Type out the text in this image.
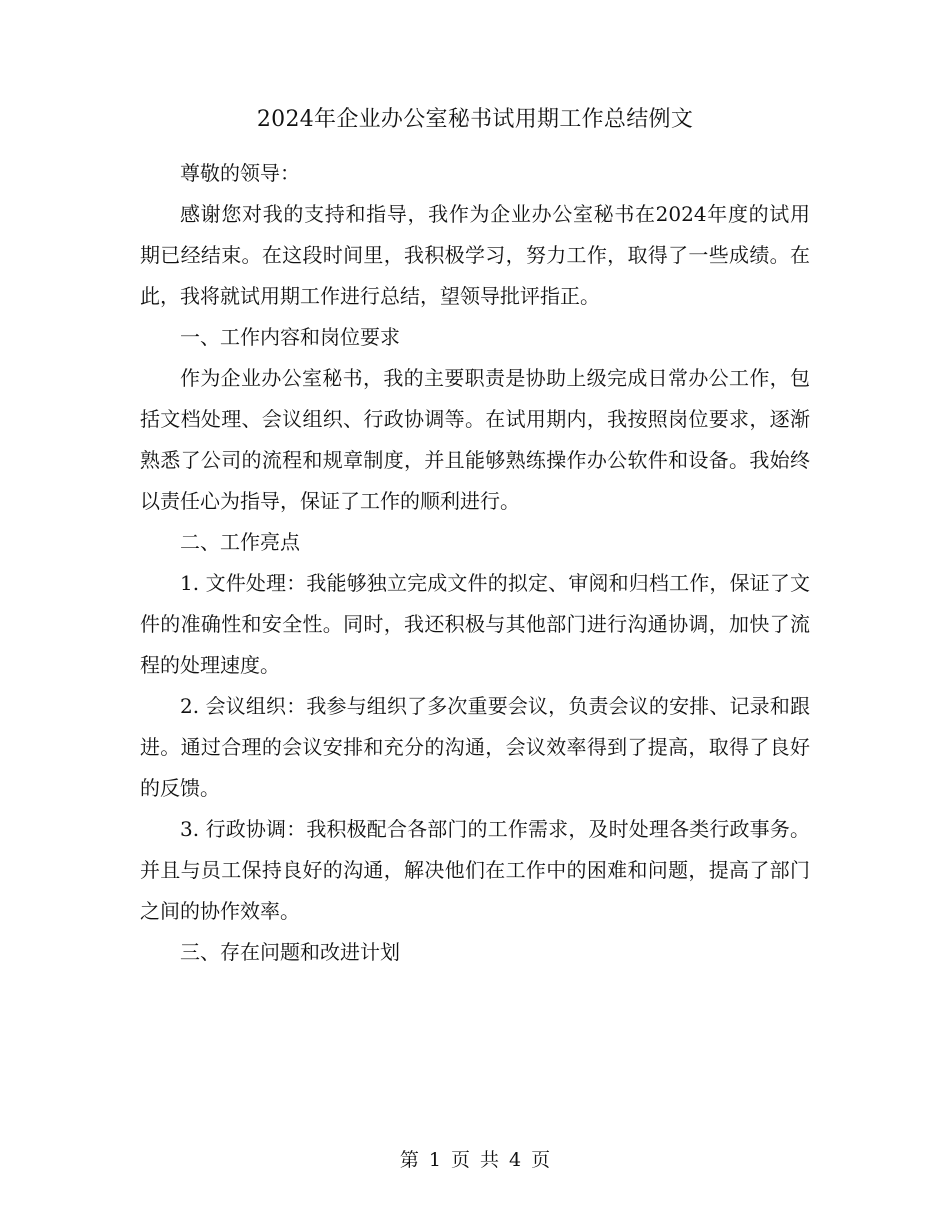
2024年企业办公室秘书试用期工作总结例文

尊敬的领导：

感谢您对我的支持和指导，我作为企业办公室秘书在2024年度的试用期已经结束。在这段时间里，我积极学习，努力工作，取得了一些成绩。在此，我将就试用期工作进行总结，望领导批评指正。

一、工作内容和岗位要求

作为企业办公室秘书，我的主要职责是协助上级完成日常办公工作，包括文档处理、会议组织、行政协调等。在试用期内，我按照岗位要求，逐渐熟悉了公司的流程和规章制度，并且能够熟练操作办公软件和设备。我始终以责任心为指导，保证了工作的顺利进行。

二、工作亮点

1. 文件处理：我能够独立完成文件的拟定、审阅和归档工作，保证了文件的准确性和安全性。同时，我还积极与其他部门进行沟通协调，加快了流程的处理速度。

2. 会议组织：我参与组织了多次重要会议，负责会议的安排、记录和跟进。通过合理的会议安排和充分的沟通，会议效率得到了提高，取得了良好的反馈。

3. 行政协调：我积极配合各部门的工作需求，及时处理各类行政事务。并且与员工保持良好的沟通，解决他们在工作中的困难和问题，提高了部门之间的协作效率。

三、存在问题和改进计划

第 1 页 共 4 页
